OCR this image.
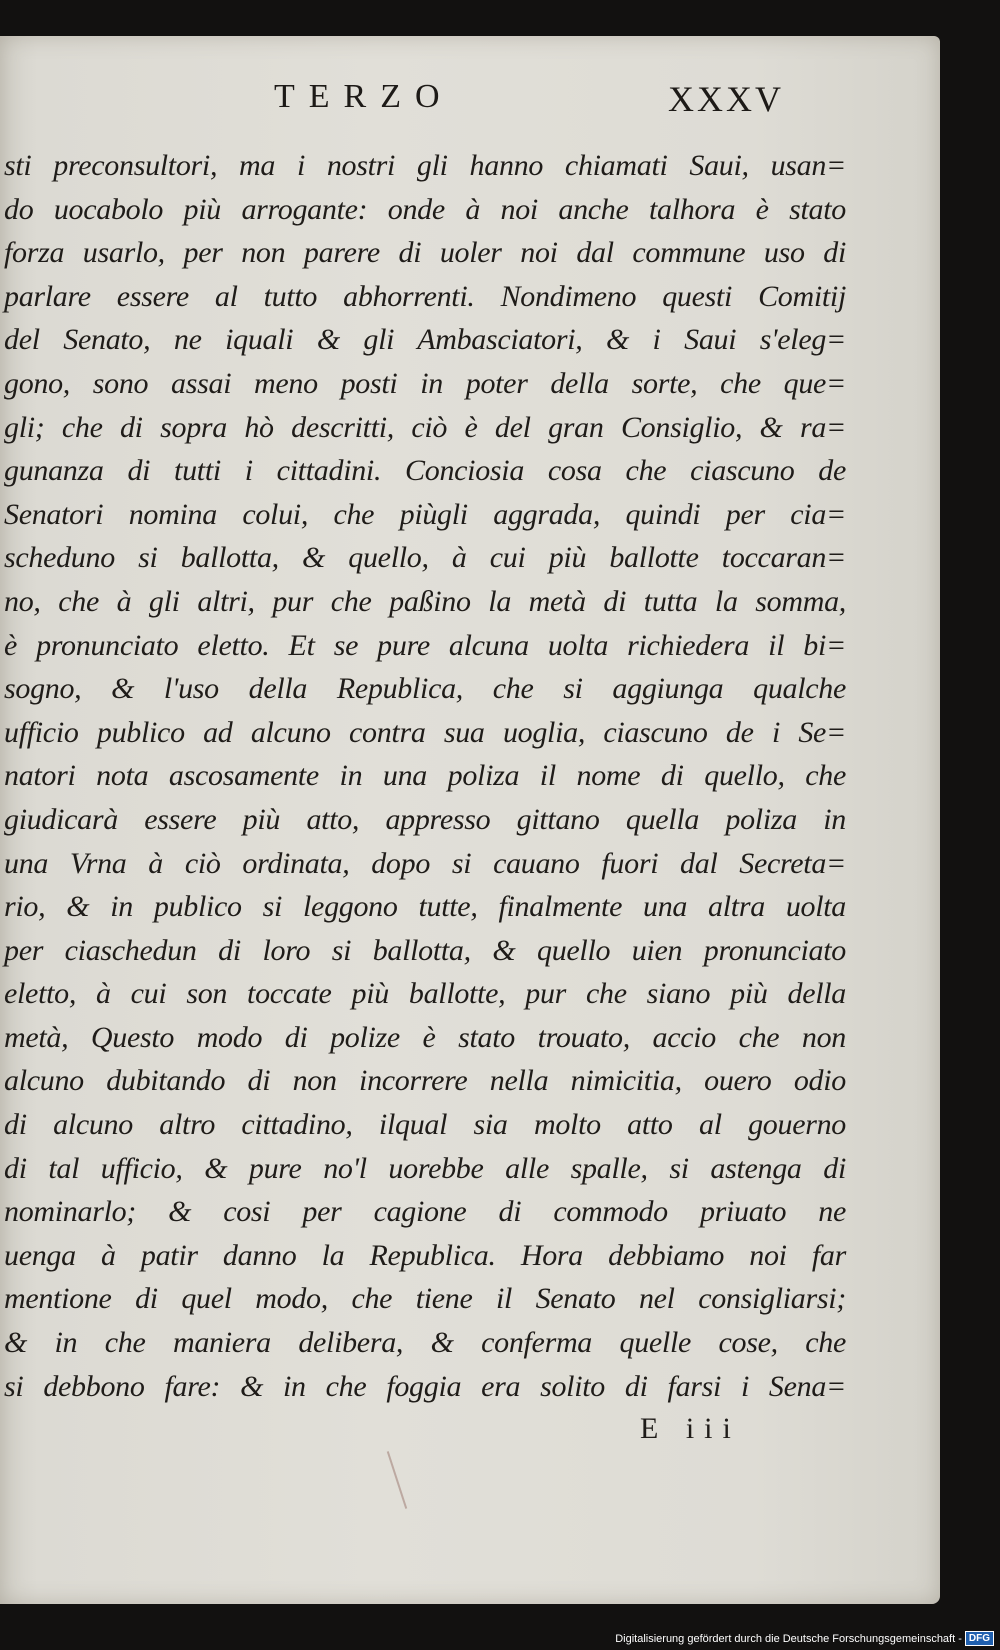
TERZO	XXXV
sti preconsultori, ma i nostri gli hanno chiamati Saui, usan=
do uocabolo più arrogante: onde à noi anche talhora è stato
forza usarlo, per non parere di uoler noi dal commune uso di
parlare essere al tutto abhorrenti. Nondimeno questi Comitij
del Senato, ne iquali & gli Ambasciatori, & i Saui s'eleg=
gono, sono assai meno posti in poter della sorte, che que=
gli; che di sopra hò descritti, ciò è del gran Consiglio, & ra=
gunanza di tutti i cittadini. Conciosia cosa che ciascuno de
Senatori nomina colui, che piùgli aggrada, quindi per cia=
scheduno si ballotta, & quello, à cui più ballotte toccaran=
no, che à gli altri, pur che paßino la metà di tutta la somma,
è pronunciato eletto. Et se pure alcuna uolta richiedera il bi=
sogno, & l'uso della Republica, che si aggiunga qualche
ufficio publico ad alcuno contra sua uoglia, ciascuno de i Se=
natori nota ascosamente in una poliza il nome di quello, che
giudicarà essere più atto, appresso gittano quella poliza in
una Vrna à ciò ordinata, dopo si cauano fuori dal Secreta=
rio, & in publico si leggono tutte, finalmente una altra uolta
per ciaschedun di loro si ballotta, & quello uien pronunciato
eletto, à cui son toccate più ballotte, pur che siano più della
metà, Questo modo di polize è stato trouato, accio che non
alcuno dubitando di non incorrere nella nimicitia, ouero odio
di alcuno altro cittadino, ilqual sia molto atto al gouerno
di tal ufficio, & pure no'l uorebbe alle spalle, si astenga di
nominarlo; & cosi per cagione di commodo priuato ne
uenga à patir danno la Republica. Hora debbiamo noi far
mentione di quel modo, che tiene il Senato nel consigliarsi;
& in che maniera delibera, & conferma quelle cose, che
si debbono fare: & in che foggia era solito di farsi i Sena=
E iii
Digitalisierung gefördert durch die Deutsche Forschungsgemeinschaft - DFG
